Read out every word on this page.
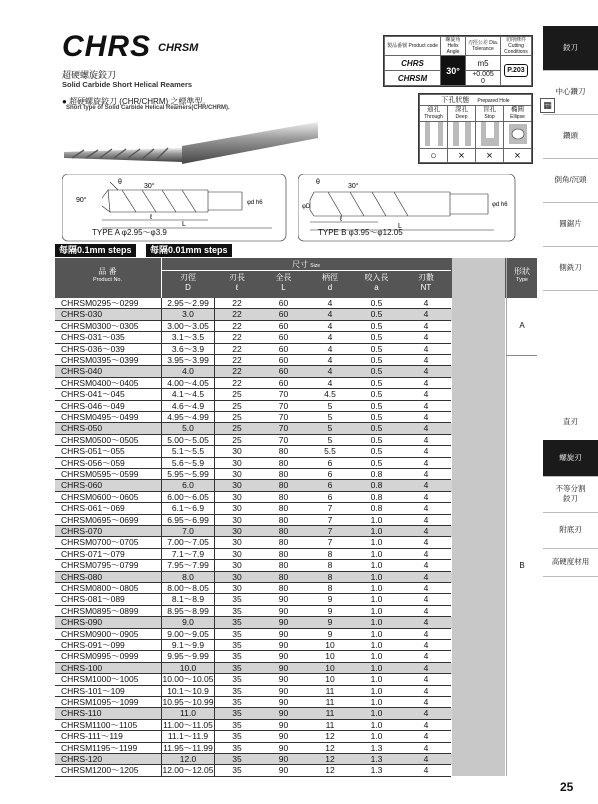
CHRS CHRSM
超硬螺旋鉸刀
Solid Carbide Short Helical Reamers
● 超硬螺旋鉸刀 (CHR/CHRM) 之標準型。
Short type of Solid Carbide Helical Reamers(CHR/CHRM).
製品番號 Product code	螺旋角 Helix Angle	刃徑公差 Dia. Tolerance	切削條件 Cutting Conditions
CHRS	30°	m5	P.203
CHRSM		+0.005
0	
下孔狀態 Prepared Hole			
通孔
Through	深孔
Deep	盲孔
Stop	橢圓
Ellipse

○	×	×	×
30°
90°
θ
φd h6
ℓ
L
TYPE A φ2.95～φ3.9
30°
θ
φD	φd h6
ℓ
L
TYPE B φ3.95～φ12.05
每隔0.1mm steps	每隔0.01mm steps
品 番
Product No.
尺寸 Size
刃徑
D
刃長
ℓ
全長
L
柄徑
d
咬入長
a
刃數
NT
形狀
Type
A
B
CHRSM0295～0299	2.95～2.99	22	60	4	0.5	4
CHRS-030	3.0	22	60	4	0.5	4
CHRSM0300～0305	3.00～3.05	22	60	4	0.5	4
CHRS-031～035	3.1～3.5	22	60	4	0.5	4
CHRS-036～039	3.6～3.9	22	60	4	0.5	4
CHRSM0395～0399	3.95～3.99	22	60	4	0.5	4
CHRS-040	4.0	22	60	4	0.5	4
CHRSM0400～0405	4.00～4.05	22	60	4	0.5	4
CHRS-041～045	4.1～4.5	25	70	4.5	0.5	4
CHRS-046～049	4.6～4.9	25	70	5	0.5	4
CHRSM0495～0499	4.95～4.99	25	70	5	0.5	4
CHRS-050	5.0	25	70	5	0.5	4
CHRSM0500～0505	5.00～5.05	25	70	5	0.5	4
CHRS-051～055	5.1～5.5	30	80	5.5	0.5	4
CHRS-056～059	5.6～5.9	30	80	6	0.5	4
CHRSM0595～0599	5.95～5.99	30	80	6	0.8	4
CHRS-060	6.0	30	80	6	0.8	4
CHRSM0600～0605	6.00～6.05	30	80	6	0.8	4
CHRS-061～069	6.1～6.9	30	80	7	0.8	4
CHRSM0695～0699	6.95～6.99	30	80	7	1.0	4
CHRS-070	7.0	30	80	7	1.0	4
CHRSM0700～0705	7.00～7.05	30	80	7	1.0	4
CHRS-071～079	7.1～7.9	30	80	8	1.0	4
CHRSM0795～0799	7.95～7.99	30	80	8	1.0	4
CHRS-080	8.0	30	80	8	1.0	4
CHRSM0800～0805	8.00～8.05	30	80	8	1.0	4
CHRS-081～089	8.1～8.9	35	90	9	1.0	4
CHRSM0895～0899	8.95～8.99	35	90	9	1.0	4
CHRS-090	9.0	35	90	9	1.0	4
CHRSM0900～0905	9.00～9.05	35	90	9	1.0	4
CHRS-091～099	9.1～9.9	35	90	10	1.0	4
CHRSM0995～0999	9.95～9.99	35	90	10	1.0	4
CHRS-100	10.0	35	90	10	1.0	4
CHRSM1000～1005	10.00～10.05	35	90	10	1.0	4
CHRS-101～109	10.1～10.9	35	90	11	1.0	4
CHRSM1095～1099	10.95～10.99	35	90	11	1.0	4
CHRS-110	11.0	35	90	11	1.0	4
CHRSM1100～1105	11.00～11.05	35	90	11	1.0	4
CHRS-111～119	11.1～11.9	35	90	12	1.0	4
CHRSM1195～1199	11.95～11.99	35	90	12	1.3	4
CHRS-120	12.0	35	90	12	1.3	4
CHRSM1200～1205	12.00～12.05	35	90	12	1.3	4
鉸刀
中心鑽刀
鑽頭
倒角/沉頭
圓鋸片
側銑刀
直刃
螺旋刃
不等分割
鉸刀
附底刃
高硬度材用
▦
25
